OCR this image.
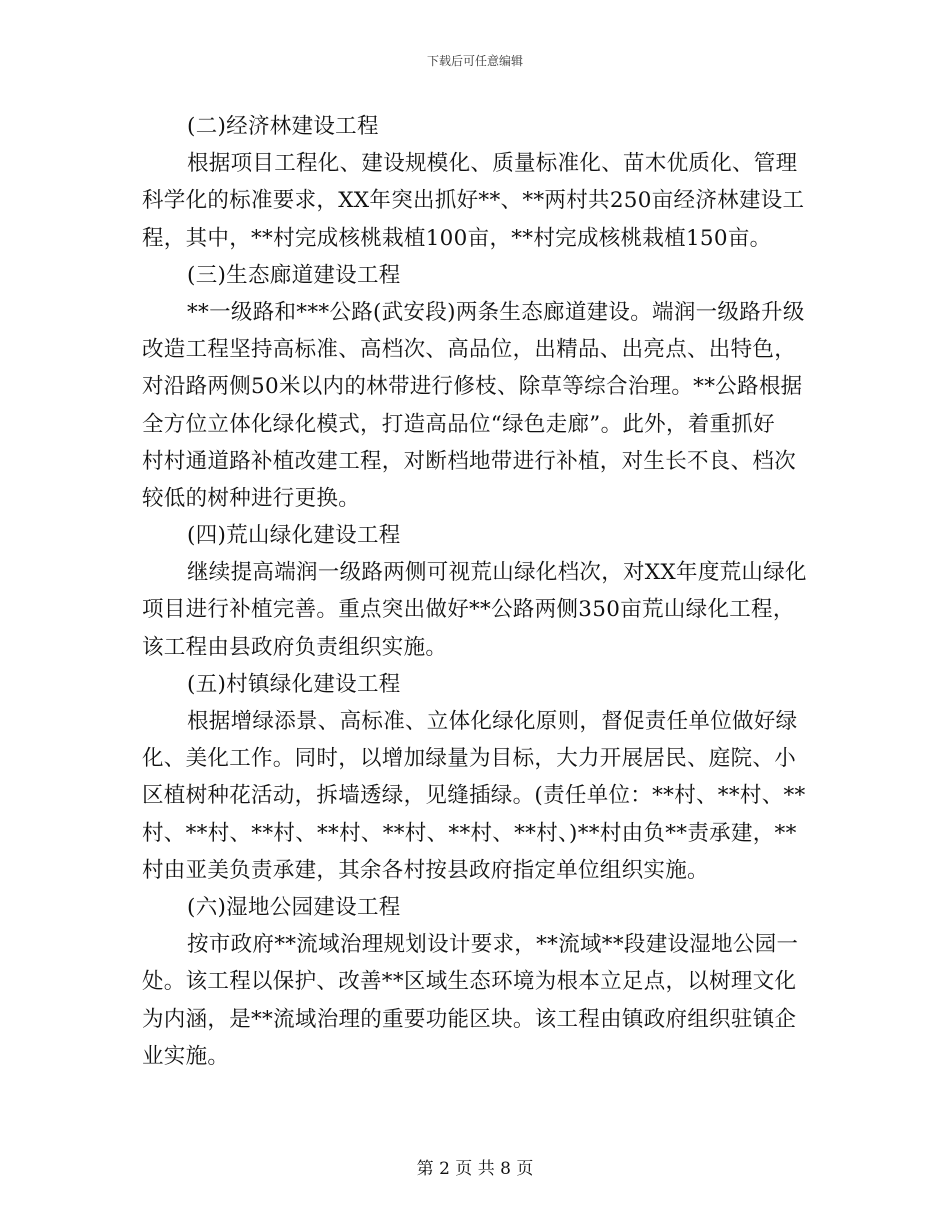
下载后可任意编辑
(二)经济林建设工程
根据项目工程化、建设规模化、质量标准化、苗木优质化、管理
科学化的标准要求，XX年突出抓好**、**两村共250亩经济林建设工
程，其中，**村完成核桃栽植100亩，**村完成核桃栽植150亩。
(三)生态廊道建设工程
**一级路和***公路(武安段)两条生态廊道建设。端润一级路升级
改造工程坚持高标准、高档次、高品位，出精品、出亮点、出特色，
对沿路两侧50米以内的林带进行修枝、除草等综合治理。**公路根据
全方位立体化绿化模式，打造高品位“绿色走廊”。此外，着重抓好
村村通道路补植改建工程，对断档地带进行补植，对生长不良、档次
较低的树种进行更换。
(四)荒山绿化建设工程
继续提高端润一级路两侧可视荒山绿化档次，对XX年度荒山绿化
项目进行补植完善。重点突出做好**公路两侧350亩荒山绿化工程，
该工程由县政府负责组织实施。
(五)村镇绿化建设工程
根据增绿添景、高标准、立体化绿化原则，督促责任单位做好绿
化、美化工作。同时，以增加绿量为目标，大力开展居民、庭院、小
区植树种花活动，拆墙透绿，见缝插绿。(责任单位：**村、**村、**
村、**村、**村、**村、**村、**村、**村、)**村由负**责承建，**
村由亚美负责承建，其余各村按县政府指定单位组织实施。
(六)湿地公园建设工程
按市政府**流域治理规划设计要求，**流域**段建设湿地公园一
处。该工程以保护、改善**区域生态环境为根本立足点，以树理文化
为内涵，是**流域治理的重要功能区块。该工程由镇政府组织驻镇企
业实施。
第 2 页 共 8 页
